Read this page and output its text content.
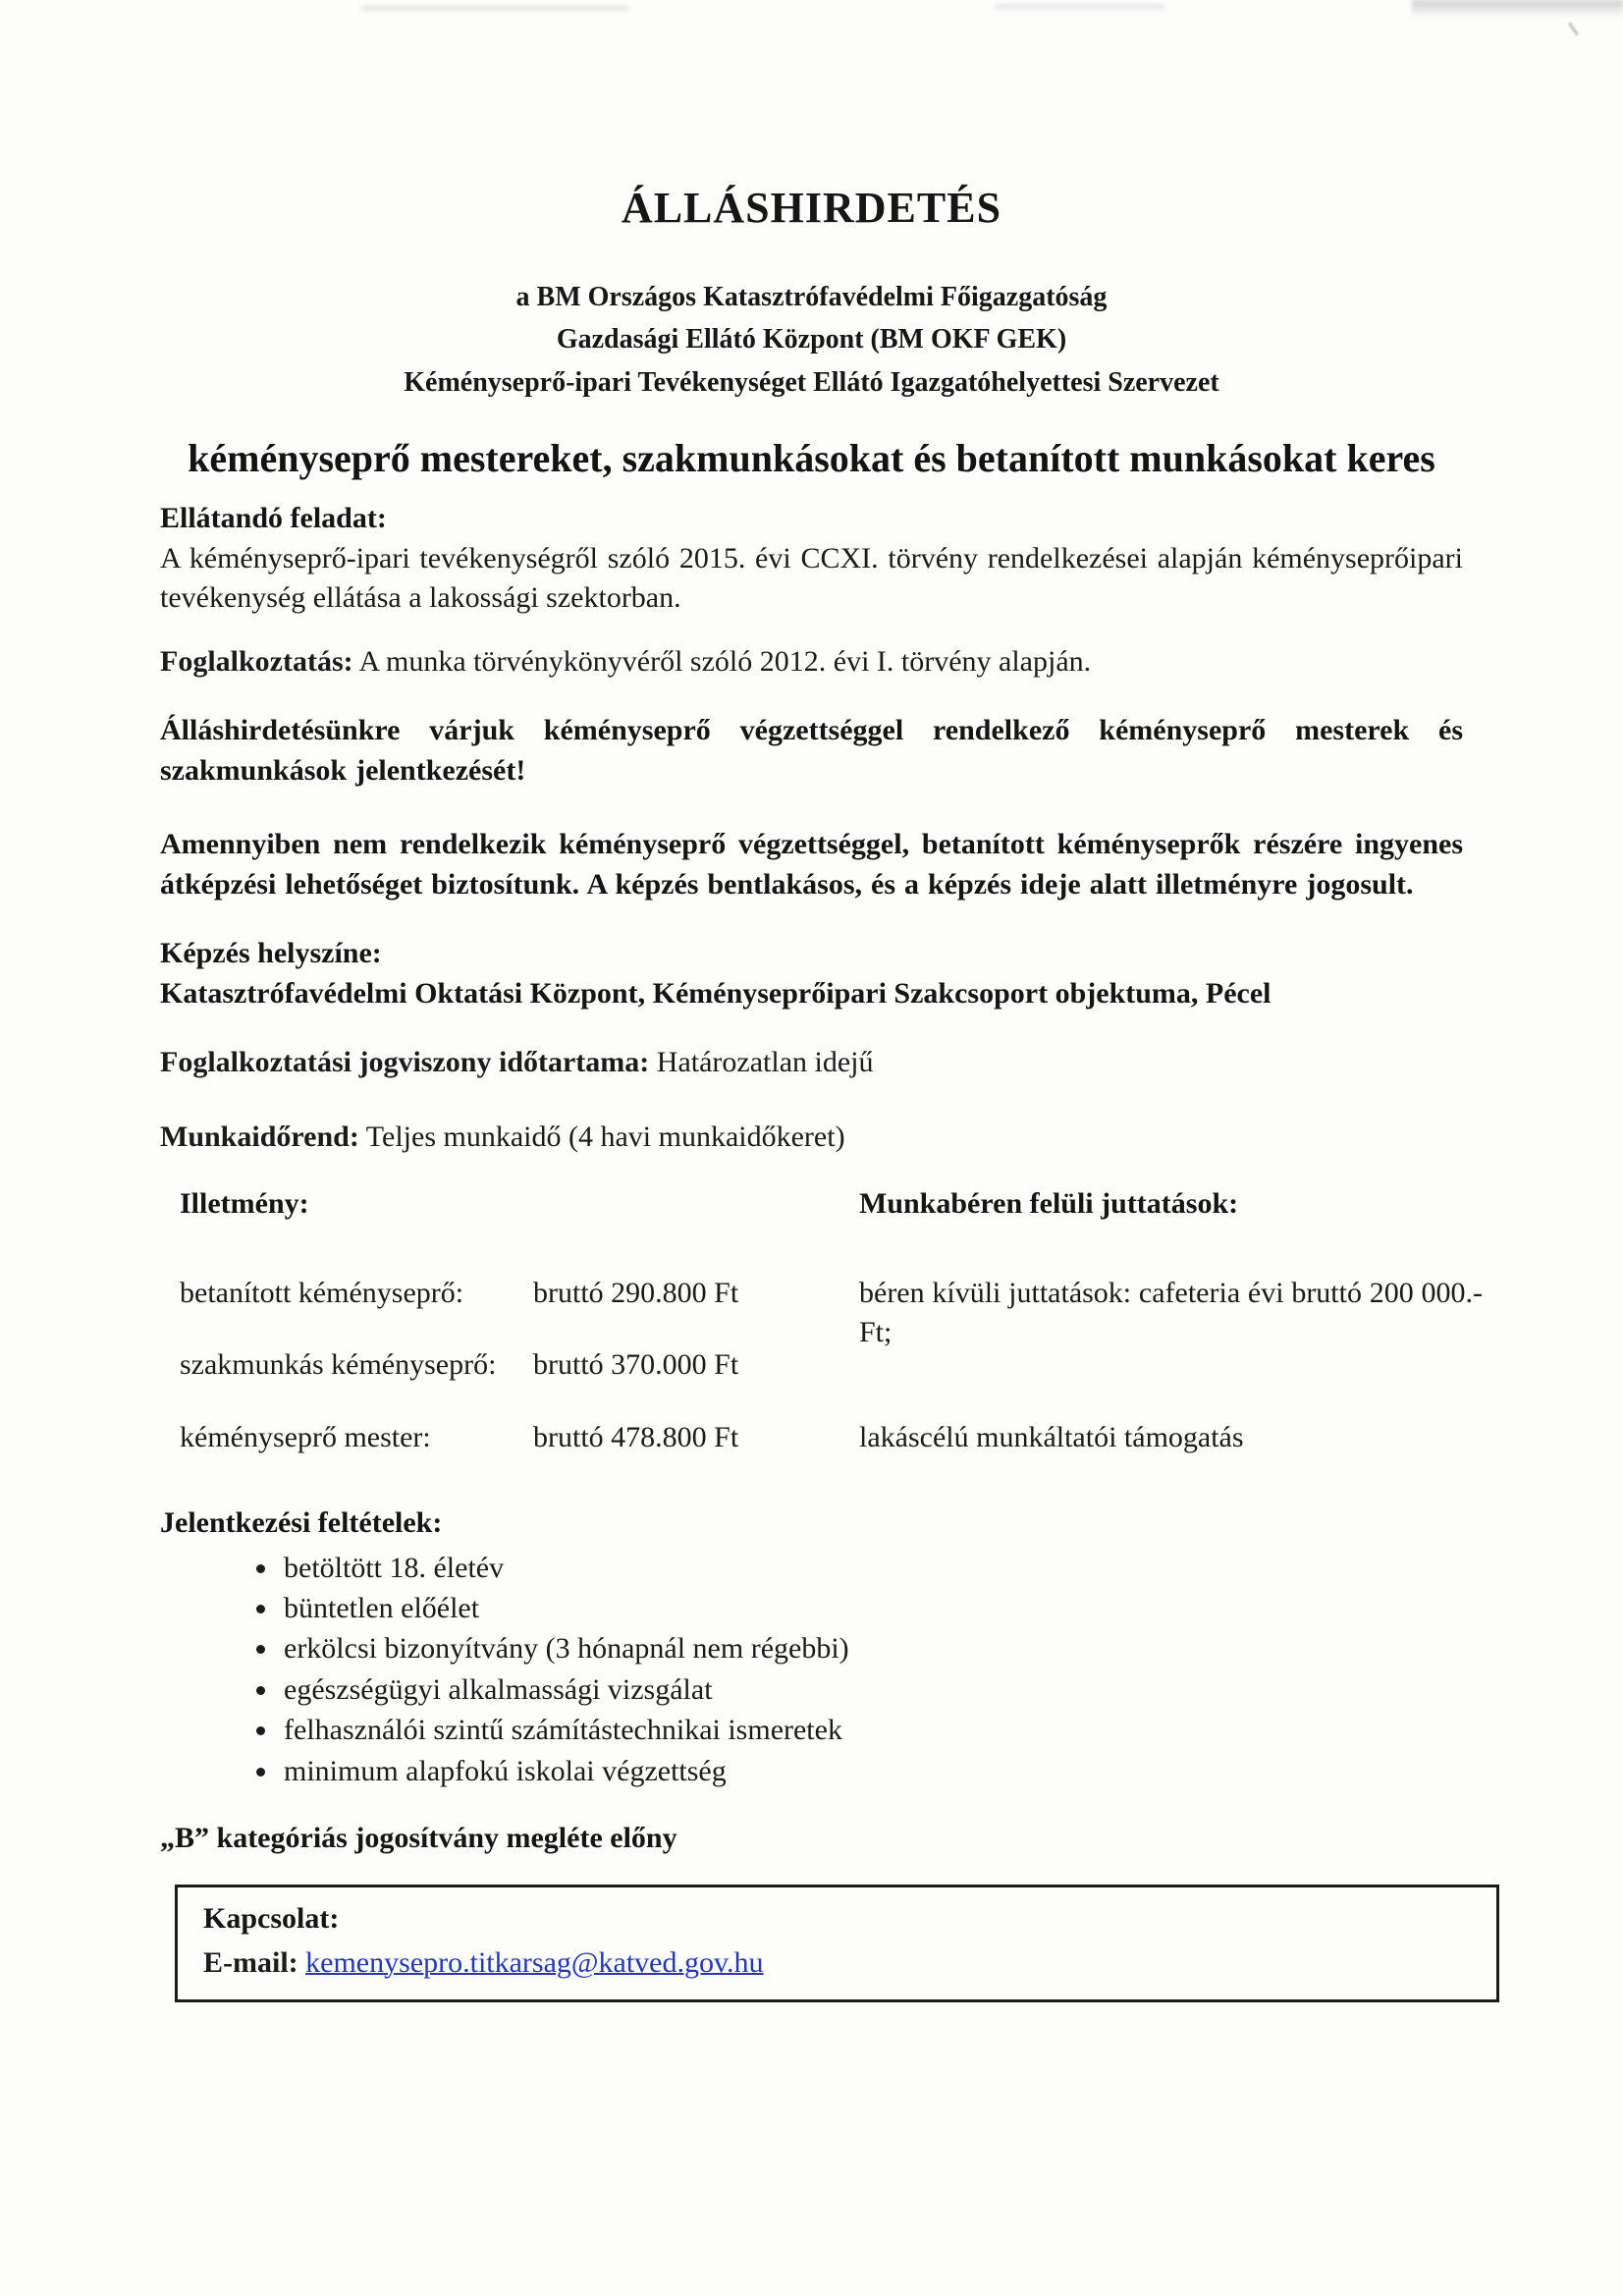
ÁLLÁSHIRDETÉS
a BM Országos Katasztrófavédelmi Főigazgatóság
Gazdasági Ellátó Központ (BM OKF GEK)
Kéményseprő-ipari Tevékenységet Ellátó Igazgatóhelyettesi Szervezet
kéményseprő mestereket, szakmunkásokat és betanított munkásokat keres

Ellátandó feladat:

A kéményseprő-ipari tevékenységről szóló 2015. évi CCXI. törvény rendelkezései alapján kéményseprőipari tevékenység ellátása a lakossági szektorban.

Foglalkoztatás: A munka törvénykönyvéről szóló 2012. évi I. törvény alapján.

Álláshirdetésünkre várjuk kéményseprő végzettséggel rendelkező kéményseprő mesterek és szakmunkások jelentkezését!

Amennyiben nem rendelkezik kéményseprő végzettséggel, betanított kéményseprők részére ingyenes átképzési lehetőséget biztosítunk. A képzés bentlakásos, és a képzés ideje alatt illetményre jogosult.

Képzés helyszíne:

Katasztrófavédelmi Oktatási Központ, Kéményseprőipari Szakcsoport objektuma, Pécel

Foglalkoztatási jogviszony időtartama: Határozatlan idejű

Munkaidőrend: Teljes munkaidő (4 havi munkaidőkeret)

Illetmény:

betanított kéményseprő: bruttó 290.800 Ft
szakmunkás kéményseprő: bruttó 370.000 Ft
kéményseprő mester:	bruttó 478.800 Ft

Munkabéren felüli juttatások:

béren kívüli juttatások: cafeteria évi bruttó 200 000.- Ft;

lakáscélú munkáltatói támogatás

Jelentkezési feltételek:

• betöltött 18. életév
• büntetlen előélet
• erkölcsi bizonyítvány (3 hónapnál nem régebbi)
• egészségügyi alkalmassági vizsgálat
• felhasználói szintű számítástechnikai ismeretek
• minimum alapfokú iskolai végzettség

„B” kategóriás jogosítvány megléte előny

Kapcsolat:

E-mail: kemenysepro.titkarsag@katved.gov.hu
